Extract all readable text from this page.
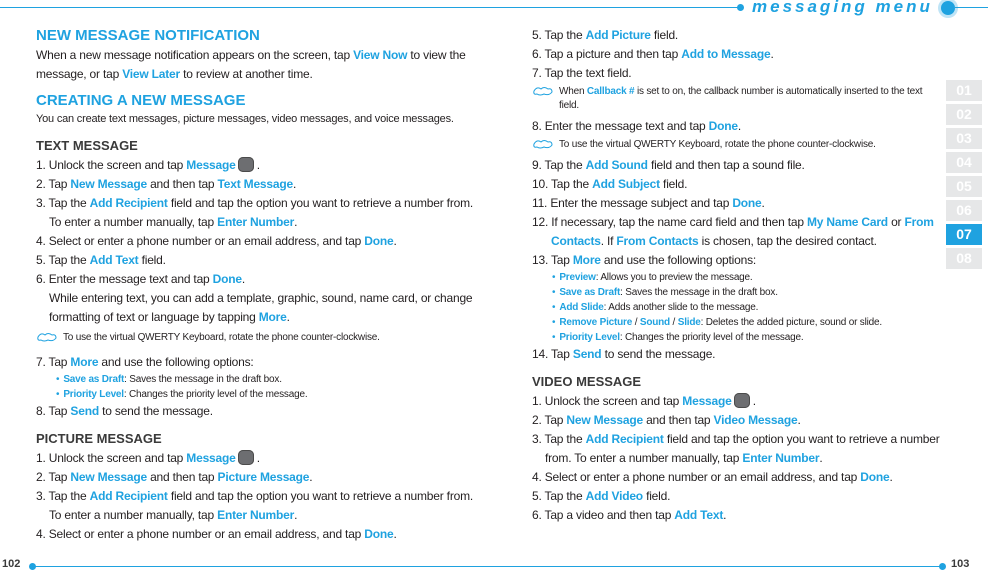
messaging menu
01
02
03
04
05
06
07
08

NEW MESSAGE NOTIFICATION

When a new message notification appears on the screen, tap View Now to view the message, or tap View Later to review at another time.

CREATING A NEW MESSAGE

You can create text messages, picture messages, video messages, and voice messages.

TEXT MESSAGE

1. Unlock the screen and tap Message .

2. Tap New Message and then tap Text Message.

3. Tap the Add Recipient field and tap the option you want to retrieve a number from. To enter a number manually, tap Enter Number.

4. Select or enter a phone number or an email address, and tap Done.

5. Tap the Add Text field.

6. Enter the message text and tap Done.

While entering text, you can add a template, graphic, sound, name card, or change formatting of text or language by tapping More.

To use the virtual QWERTY Keyboard, rotate the phone counter-clockwise.

7. Tap More and use the following options:

• Save as Draft: Saves the message in the draft box.

• Priority Level: Changes the priority level of the message.

8. Tap Send to send the message.

PICTURE MESSAGE

1. Unlock the screen and tap Message .

2. Tap New Message and then tap Picture Message.

3. Tap the Add Recipient field and tap the option you want to retrieve a number from. To enter a number manually, tap Enter Number.

4. Select or enter a phone number or an email address, and tap Done.

5. Tap the Add Picture field.

6. Tap a picture and then tap Add to Message.

7. Tap the text field.

When Callback # is set to on, the callback number is automatically inserted to the text field.

8. Enter the message text and tap Done.

To use the virtual QWERTY Keyboard, rotate the phone counter-clockwise.

9. Tap the Add Sound field and then tap a sound file.

10. Tap the Add Subject field.

11. Enter the message subject and tap Done.

12. If necessary, tap the name card field and then tap My Name Card or From Contacts. If From Contacts is chosen, tap the desired contact.

13. Tap More and use the following options:

• Preview: Allows you to preview the message.

• Save as Draft: Saves the message in the draft box.

• Add Slide: Adds another slide to the message.

• Remove Picture / Sound / Slide: Deletes the added picture, sound or slide.

• Priority Level: Changes the priority level of the message.

14. Tap Send to send the message.

VIDEO MESSAGE

1. Unlock the screen and tap Message .

2. Tap New Message and then tap Video Message.

3. Tap the Add Recipient field and tap the option you want to retrieve a number from. To enter a number manually, tap Enter Number.

4. Select or enter a phone number or an email address, and tap Done.

5. Tap the Add Video field.

6. Tap a video and then tap Add Text.

102	103
